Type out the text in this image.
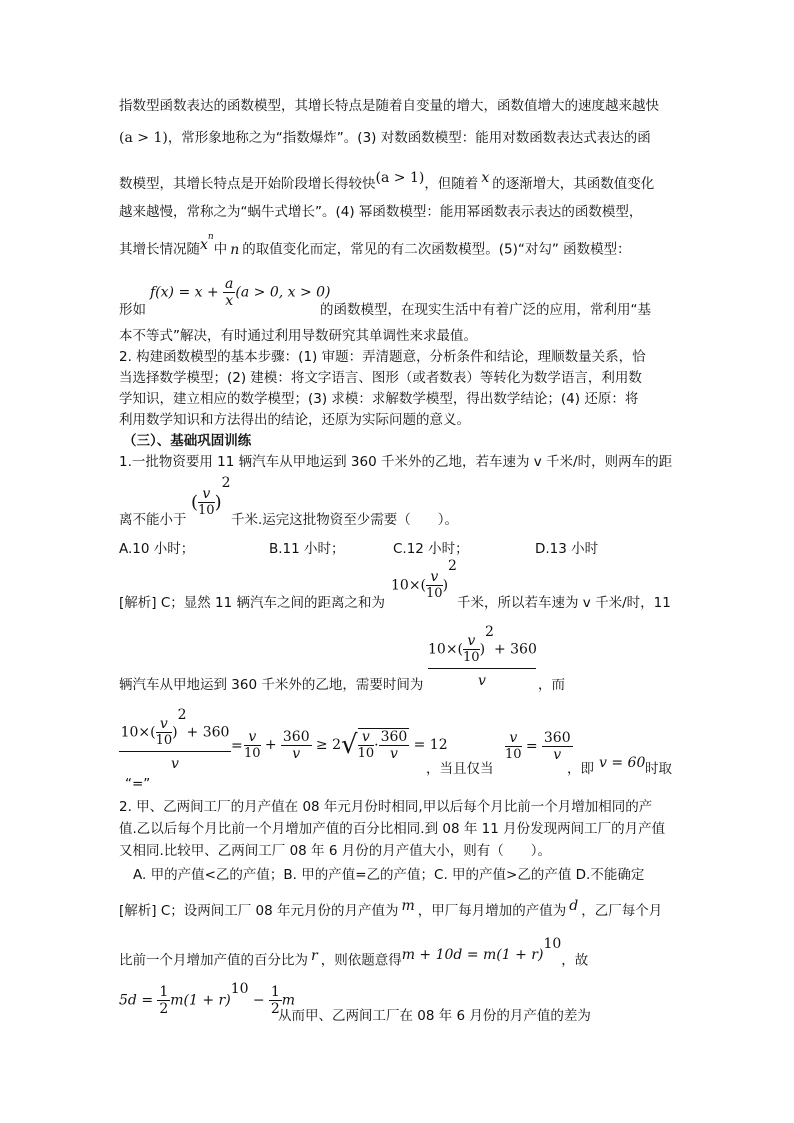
指数型函数表达的函数模型，其增长特点是随着自变量的增大，函数值增大的速度越来越快
(a > 1)，常形象地称之为“指数爆炸”。(3) 对数函数模型：能用对数函数表达式表达的函
数模型，其增长特点是开始阶段增长得较快(a > 1)，但随着 x 的逐渐增大，其函数值变化
越来越慢，常称之为“蜗牛式增长”。(4) 幂函数模型：能用幂函数表示表达的函数模型，
其增长情况随$x^n$中 n 的取值变化而定，常见的有二次函数模型。(5)“对勾” 函数模型：
形如
$f(x) = x + \frac{a}{x} (a > 0$, x > 0)
的函数模型，在现实生活中有着广泛的应用，常利用“基
本不等式”解决，有时通过利用导数研究其单调性来求最值。
2. 构建函数模型的基本步骤：(1) 审题：弄清题意，分析条件和结论，理顺数量关系，恰
当选择数学模型；(2) 建模：将文字语言、图形（或者数表）等转化为数学语言，利用数
学知识，建立相应的数学模型；(3) 求模：求解数学模型，得出数学结论；(4) 还原：将
利用数学知识和方法得出的结论，还原为实际问题的意义。
（三）、基础巩固训练
1.一批物资要用 11 辆汽车从甲地运到 360 千米外的乙地，若车速为 v 千米/时，则两车的距
离不能小于
( $\frac{v}{10} )^2$
千米.运完这批物资至少需要（　　）。
A.10 小时；	B.11 小时；	C.12 小时；	D.13 小时
[解析] C；显然 11 辆汽车之间的距离之和为
$10\times( \frac{v}{10} )^2$
千米，所以若车速为 v 千米/时，11
$\frac{10\times( \frac{v}{10} )^2+ 360}{v}$
辆汽车从甲地运到 360 千米外的乙地，需要时间为	，而
$\frac{10\times( \frac{v}{10} )^2+ 360}{v} = \frac{v}{10} + \frac{360}{v} \ge 2√ \frac{v}{10} \cdot \frac{360}{v} = 12$
，当且仅当
$\frac{v}{10} = \frac{360}{v}$
，即 v = 60 时取
“=”
2. 甲、乙两间工厂的月产值在 08 年元月份时相同,甲以后每个月比前一个月增加相同的产
值.乙以后每个月比前一个月增加产值的百分比相同.到 08 年 11 月份发现两间工厂的月产值
又相同.比较甲、乙两间工厂 08 年 6 月份的月产值大小，则有（　　）。
A. 甲的产值<乙的产值；B. 甲的产值=乙的产值；C. 甲的产值>乙的产值 D.不能确定
[解析] C；设两间工厂 08 年元月份的月产值为 m ，甲厂每月增加的产值为 d ，乙厂每个月
比前一个月增加产值的百分比为 r ，则依题意得$m + 10d = m(1 + r)^{10}$，故
$5d = \frac{1}{2} m(1 + r)^{10} - \frac{1}{2}$ m
从而甲、乙两间工厂在 08 年 6 月份的月产值的差为
